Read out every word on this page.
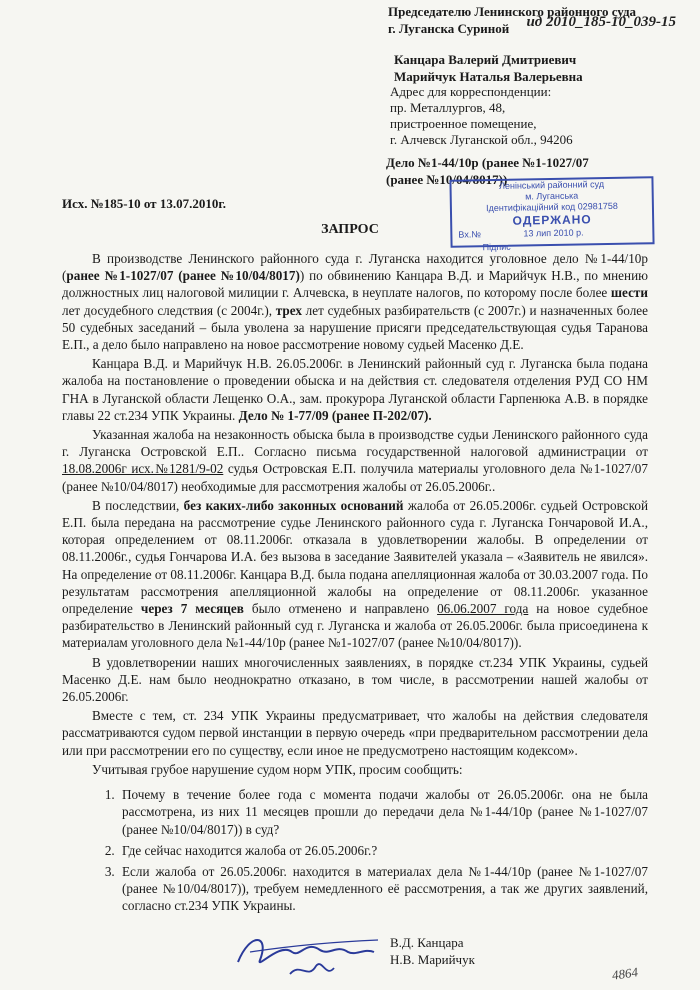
ид 2010_185-10_039-15
Председателю Ленинского районного суда
г. Луганска Суриной
Канцара Валерий Дмитриевич
Марийчук Наталья Валерьевна
Адрес для корреспонденции:
пр. Металлургов, 48,
пристроенное помещение,
г. Алчевск Луганской обл., 94206
Дело №1-44/10р (ранее №1-1027/07
(ранее №10/04/8017))
Ленінський районний суд
м. Луганська
Ідентифікаційний код 02981758
ОДЕРЖАНО
Вх.№	13 лип 2010 р.
Підпис
Исх. №185-10 от 13.07.2010г.
ЗАПРОС

В производстве Ленинского районного суда г. Луганска находится уголовное дело №1-44/10р (ранее №1-1027/07 (ранее №10/04/8017)) по обвинению Канцара В.Д. и Марийчук Н.В., по мнению должностных лиц налоговой милиции г. Алчевска, в неуплате налогов, по которому после более шести лет досудебного следствия (с 2004г.), трех лет судебных разбирательств (с 2007г.) и назначенных более 50 судебных заседаний – была уволена за нарушение присяги председательствующая судья Таранова Е.П., а дело было направлено на новое рассмотрение новому судьей Масенко Д.Е.

Канцара В.Д. и Марийчук Н.В. 26.05.2006г. в Ленинский районный суд г. Луганска была подана жалоба на постановление о проведении обыска и на действия ст. следователя отделения РУД СО НМ ГНА в Луганской области Лещенко О.А., зам. прокурора Луганской области Гарпенюка А.В. в порядке главы 22 ст.234 УПК Украины. Дело № 1-77/09 (ранее П-202/07).

Указанная жалоба на незаконность обыска была в производстве судьи Ленинского районного суда г. Луганска Островской Е.П.. Согласно письма государственной налоговой администрации от 18.08.2006г исх.№1281/9-02 судья Островская Е.П. получила материалы уголовного дела №1-1027/07 (ранее №10/04/8017) необходимые для рассмотрения жалобы от 26.05.2006г..

В последствии, без каких-либо законных оснований жалоба от 26.05.2006г. судьей Островской Е.П. была передана на рассмотрение судье Ленинского районного суда г. Луганска Гончаровой И.А., которая определением от 08.11.2006г. отказала в удовлетворении жалобы. В определении от 08.11.2006г., судья Гончарова И.А. без вызова в заседание Заявителей указала – «Заявитель не явился». На определение от 08.11.2006г. Канцара В.Д. была подана апелляционная жалоба от 30.03.2007 года. По результатам рассмотрения апелляционной жалобы на определение от 08.11.2006г. указанное определение через 7 месяцев было отменено и направлено 06.06.2007 года на новое судебное разбирательство в Ленинский районный суд г. Луганска и жалоба от 26.05.2006г. была присоединена к материалам уголовного дела №1-44/10р (ранее №1-1027/07 (ранее №10/04/8017)).

В удовлетворении наших многочисленных заявлениях, в порядке ст.234 УПК Украины, судьей Масенко Д.Е. нам было неоднократно отказано, в том числе, в рассмотрении нашей жалобы от 26.05.2006г.

Вместе с тем, ст. 234 УПК Украины предусматривает, что жалобы на действия следователя рассматриваются судом первой инстанции в первую очередь «при предварительном рассмотрении дела или при рассмотрении его по существу, если иное не предусмотрено настоящим кодексом».

Учитывая грубое нарушение судом норм УПК, просим сообщить:

1. Почему в течение более года с момента подачи жалобы от 26.05.2006г. она не была рассмотрена, из них 11 месяцев прошли до передачи дела №1-44/10р (ранее №1-1027/07 (ранее №10/04/8017)) в суд?
2. Где сейчас находится жалоба от 26.05.2006г.?
3. Если жалоба от 26.05.2006г. находится в материалах дела №1-44/10р (ранее №1-1027/07 (ранее №10/04/8017)), требуем немедленного её рассмотрения, а так же других заявлений, согласно ст.234 УПК Украины.
В.Д. Канцара
Н.В. Марийчук
4864
